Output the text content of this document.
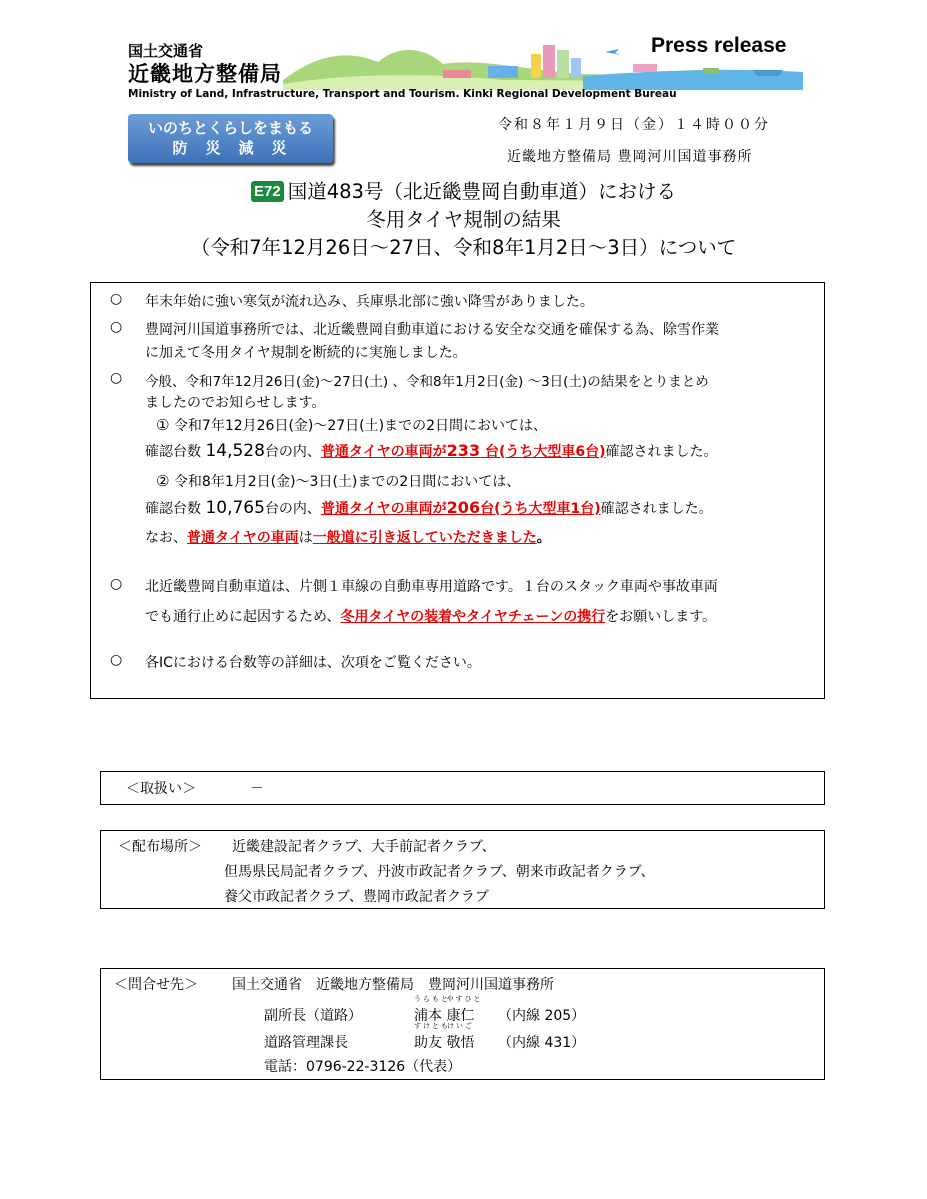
国土交通省
近畿地方整備局
Press release
Ministry of Land, Infrastructure, Transport and Tourism. Kinki Regional Development Bureau
いのちとくらしをまもる
防災減災
令和８年１月９日（金）１４時００分
近畿地方整備局 豊岡河川国道事務所
E72 国道483号（北近畿豊岡自動車道）における
冬用タイヤ規制の結果
（令和7年12月26日～27日、令和8年1月2日～3日）について
○ 年末年始に強い寒気が流れ込み、兵庫県北部に強い降雪がありました。
○ 豊岡河川国道事務所では、北近畿豊岡自動車道における安全な交通を確保する為、除雪作業
に加えて冬用タイヤ規制を断続的に実施しました。
○ 今般、令和7年12月26日(金)～27日(土) 、令和8年1月2日(金) ～3日(土)の結果をとりまとめ
ましたのでお知らせします。
① 令和7年12月26日(金)～27日(土)までの2日間においては、
確認台数 14,528台の内、普通タイヤの車両が233 台(うち大型車6台)確認されました。
② 令和8年1月2日(金)～3日(土)までの2日間においては、
確認台数 10,765台の内、普通タイヤの車両が206台(うち大型車1台)確認されました。
なお、普通タイヤの車両は一般道に引き返していただきました。
○ 北近畿豊岡自動車道は、片側１車線の自動車専用道路です。１台のスタック車両や事故車両
でも通行止めに起因するため、冬用タイヤの装着やタイヤチェーンの携行をお願いします。
○ 各ICにおける台数等の詳細は、次項をご覧ください。
＜取扱い＞	－
＜配布場所＞ 近畿建設記者クラブ、大手前記者クラブ、
但馬県民局記者クラブ、丹波市政記者クラブ、朝来市政記者クラブ、
養父市政記者クラブ、豊岡市政記者クラブ
＜問合せ先＞ 国土交通省　近畿地方整備局　豊岡河川国道事務所
副所長（道路）
うらもと
浦本
やすひと
康仁 （内線 205）
道路管理課長
すけとも
助友
けいご
敬悟 （内線 431）
電話：0796-22-3126（代表）
